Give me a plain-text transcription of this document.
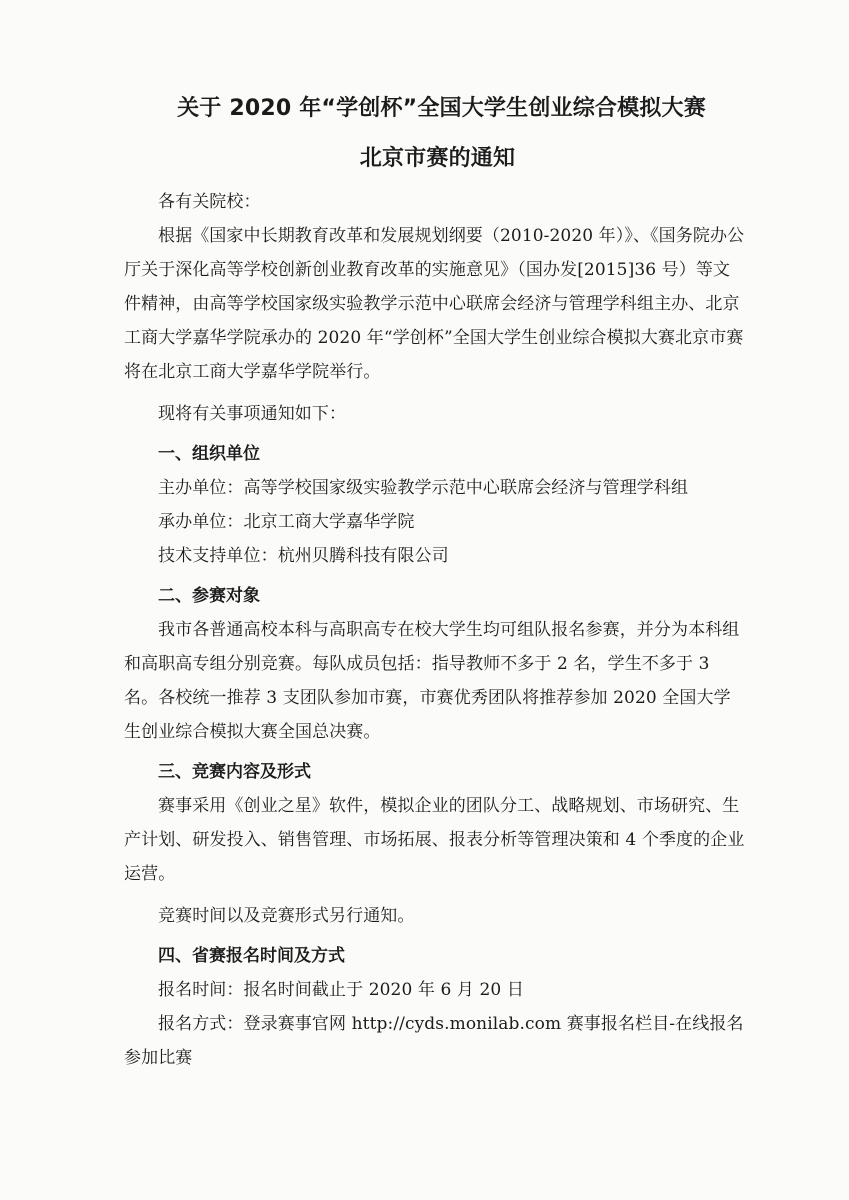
关于 2020 年“学创杯”全国大学生创业综合模拟大赛
北京市赛的通知

各有关院校：

根据《国家中长期教育改革和发展规划纲要（2010-2020 年）》、《国务院办公厅关于深化高等学校创新创业教育改革的实施意见》（国办发[2015]36 号）等文件精神，由高等学校国家级实验教学示范中心联席会经济与管理学科组主办、北京工商大学嘉华学院承办的 2020 年“学创杯”全国大学生创业综合模拟大赛北京市赛将在北京工商大学嘉华学院举行。

现将有关事项通知如下：

一、组织单位

主办单位：高等学校国家级实验教学示范中心联席会经济与管理学科组

承办单位：北京工商大学嘉华学院

技术支持单位：杭州贝腾科技有限公司

二、参赛对象

我市各普通高校本科与高职高专在校大学生均可组队报名参赛，并分为本科组和高职高专组分别竞赛。每队成员包括：指导教师不多于 2 名，学生不多于 3 名。各校统一推荐 3 支团队参加市赛，市赛优秀团队将推荐参加 2020 全国大学生创业综合模拟大赛全国总决赛。

三、竞赛内容及形式

赛事采用《创业之星》软件，模拟企业的团队分工、战略规划、市场研究、生产计划、研发投入、销售管理、市场拓展、报表分析等管理决策和 4 个季度的企业运营。

竞赛时间以及竞赛形式另行通知。

四、省赛报名时间及方式

报名时间：报名时间截止于 2020 年 6 月 20 日

报名方式：登录赛事官网 http://cyds.monilab.com 赛事报名栏目-在线报名参加比赛
